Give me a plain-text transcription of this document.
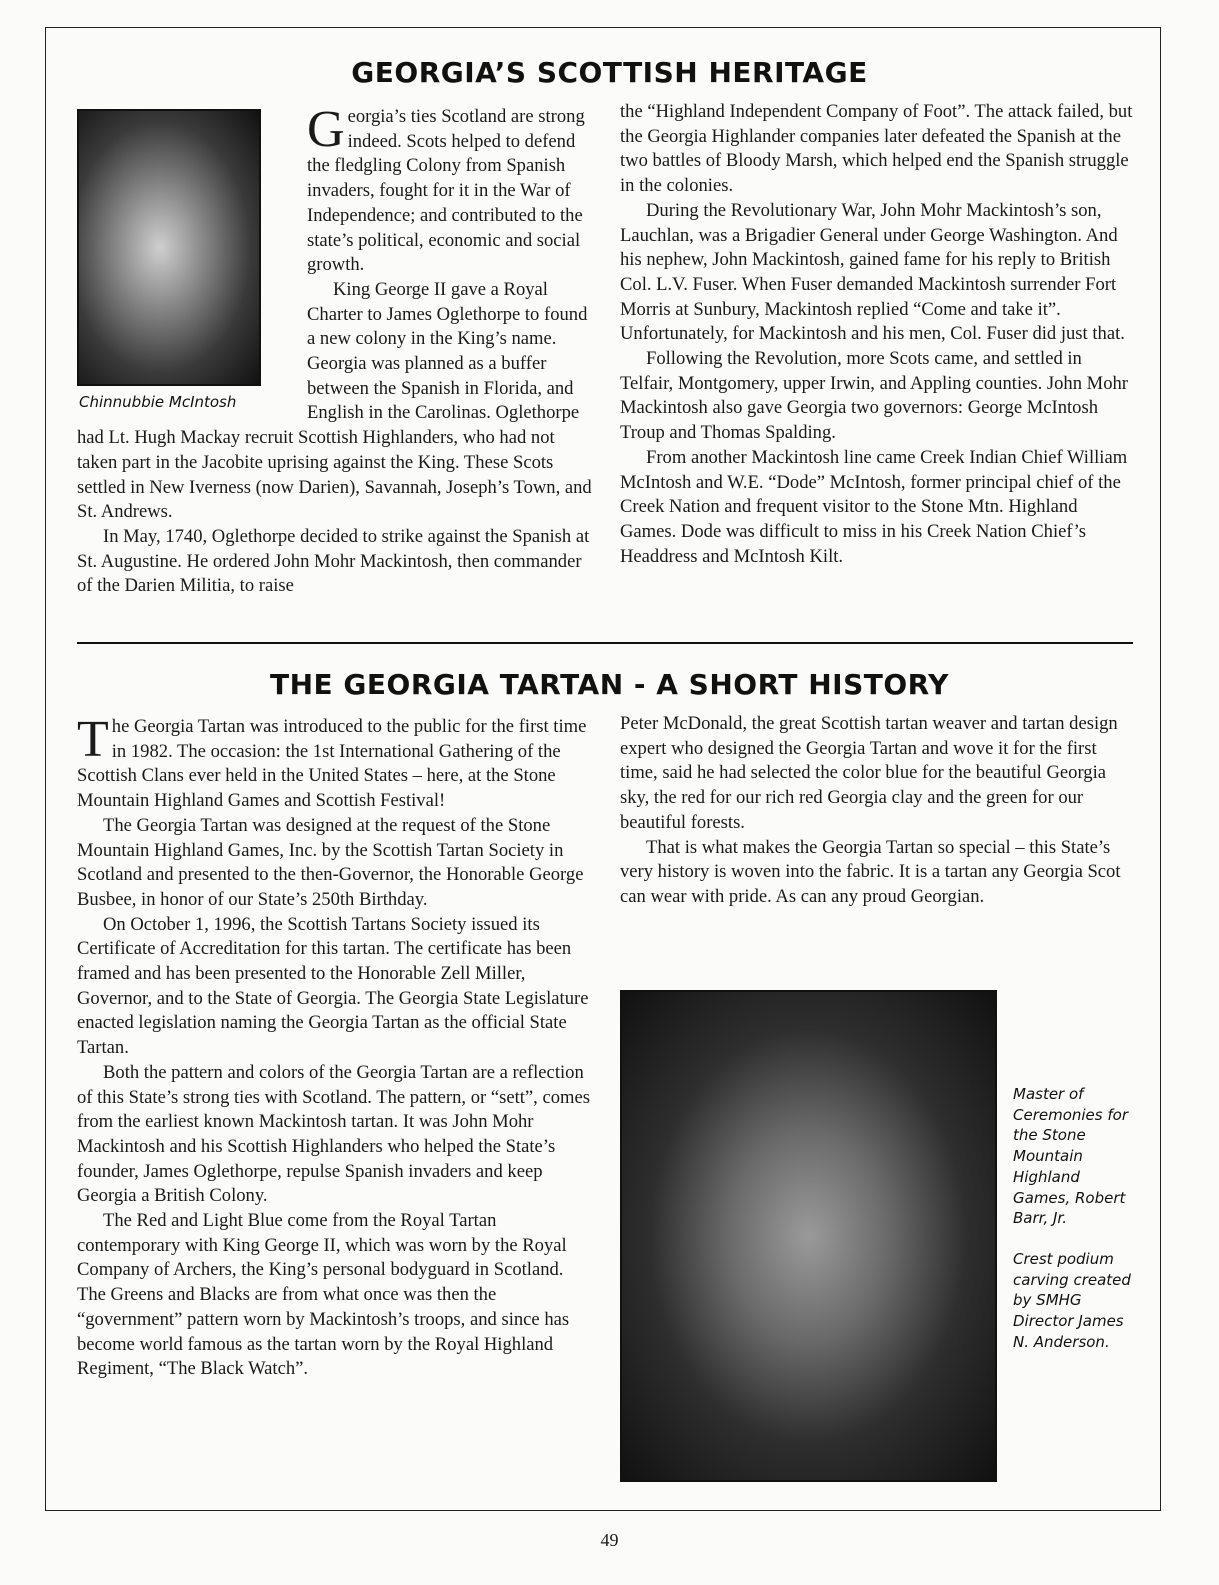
GEORGIA’S SCOTTISH HERITAGE
Chinnubbie McIntosh

Georgia’s ties Scotland are strong indeed. Scots helped to defend the fledgling Colony from Spanish invaders, fought for it in the War of Independence; and contributed to the state’s political, economic and social growth.

King George II gave a Royal Charter to James Oglethorpe to found a new colony in the King’s name. Georgia was planned as a buffer between the Spanish in Florida, and English in the Carolinas. Oglethorpe had Lt. Hugh Mackay recruit Scottish Highlanders, who had not taken part in the Jacobite uprising against the King. These Scots settled in New Iverness (now Darien), Savannah, Joseph’s Town, and St. Andrews.

In May, 1740, Oglethorpe decided to strike against the Spanish at St. Augustine. He ordered John Mohr Mackintosh, then commander of the Darien Militia, to raise

the “Highland Independent Company of Foot”. The attack failed, but the Georgia Highlander companies later defeated the Spanish at the two battles of Bloody Marsh, which helped end the Spanish struggle in the colonies.

During the Revolutionary War, John Mohr Mackintosh’s son, Lauchlan, was a Brigadier General under George Washington. And his nephew, John Mackintosh, gained fame for his reply to British Col. L.V. Fuser. When Fuser demanded Mackintosh surrender Fort Morris at Sunbury, Mackintosh replied “Come and take it”. Unfortunately, for Mackintosh and his men, Col. Fuser did just that.

Following the Revolution, more Scots came, and settled in Telfair, Montgomery, upper Irwin, and Appling counties. John Mohr Mackintosh also gave Georgia two governors: George McIntosh Troup and Thomas Spalding.

From another Mackintosh line came Creek Indian Chief William McIntosh and W.E. “Dode” McIntosh, former principal chief of the Creek Nation and frequent visitor to the Stone Mtn. Highland Games. Dode was difficult to miss in his Creek Nation Chief’s Headdress and McIntosh Kilt.

THE GEORGIA TARTAN - A SHORT HISTORY

The Georgia Tartan was introduced to the public for the first time in 1982. The occasion: the 1st International Gathering of the Scottish Clans ever held in the United States – here, at the Stone Mountain Highland Games and Scottish Festival!

The Georgia Tartan was designed at the request of the Stone Mountain Highland Games, Inc. by the Scottish Tartan Society in Scotland and presented to the then-Governor, the Honorable George Busbee, in honor of our State’s 250th Birthday.

On October 1, 1996, the Scottish Tartans Society issued its Certificate of Accreditation for this tartan. The certificate has been framed and has been presented to the Honorable Zell Miller, Governor, and to the State of Georgia. The Georgia State Legislature enacted legislation naming the Georgia Tartan as the official State Tartan.

Both the pattern and colors of the Georgia Tartan are a reflection of this State’s strong ties with Scotland. The pattern, or “sett”, comes from the earliest known Mackintosh tartan. It was John Mohr Mackintosh and his Scottish Highlanders who helped the State’s founder, James Oglethorpe, repulse Spanish invaders and keep Georgia a British Colony.

The Red and Light Blue come from the Royal Tartan contemporary with King George II, which was worn by the Royal Company of Archers, the King’s personal bodyguard in Scotland. The Greens and Blacks are from what once was then the “government” pattern worn by Mackintosh’s troops, and since has become world famous as the tartan worn by the Royal Highland Regiment, “The Black Watch”.

Peter McDonald, the great Scottish tartan weaver and tartan design expert who designed the Georgia Tartan and wove it for the first time, said he had selected the color blue for the beautiful Georgia sky, the red for our rich red Georgia clay and the green for our beautiful forests.

That is what makes the Georgia Tartan so special – this State’s very history is woven into the fabric. It is a tartan any Georgia Scot can wear with pride. As can any proud Georgian.

Master of Ceremonies for the Stone Mountain Highland Games, Robert Barr, Jr.
Crest podium carving created by SMHG Director James N. Anderson.
49
